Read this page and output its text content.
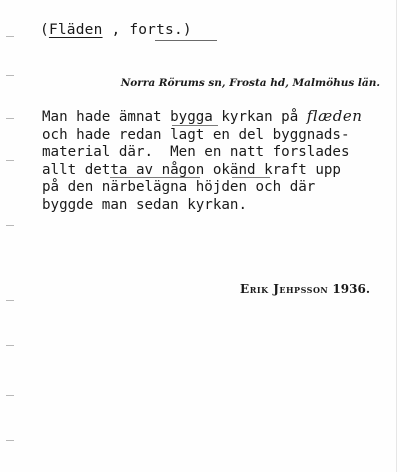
(Fläden , forts.)
Norra Rörums sn, Frosta hd, Malmöhus län.
Man hade ämnat bygga kyrkan på flæden
och hade redan lagt en del byggnads-
material där.  Men en natt forslades
allt detta av någon okänd kraft upp
på den närbelägna höjden och där
byggde man sedan kyrkan.
Erik Jehpsson 1936.
